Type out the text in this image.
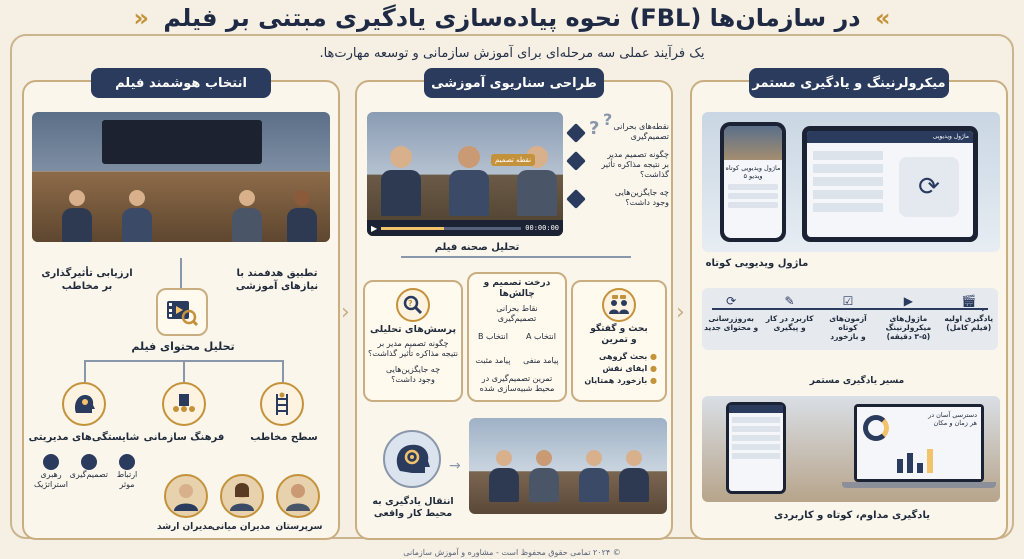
» نحوه پیاده‌سازی یادگیری مبتنی بر فیلم (FBL) در سازمان‌ها «
یک فرآیند عملی سه مرحله‌ای برای آموزش سازمانی و توسعه مهارت‌ها.
انتخاب هوشمند فیلم
تطبیق هدفمند با
نیازهای آموزشی
ارزیابی تأثیرگذاری
بر مخاطب
تحلیل محتوای فیلم
شایستگی‌های مدیریتی فرهنگ سازمانی	سطح مخاطب
رهبری
استراتژیک
تصمیم‌گیری	ارتباط
موثر
مدیران ارشد
مدیران میانی سرپرستان
›	›
طراحی سناریوی آموزشی
نقطه تصمیم
▶	00:00:00
نقطه‌های بحرانی
تصمیم‌گیری
چگونه تصمیم مدیر
بر نتیجه مذاکره تأثیر
گذاشت؟
چه جایگزین‌هایی
وجود داشت؟
? ?
تحلیل صحنه فیلم
?
پرسش‌های تحلیلی
چگونه تصمیم مدیر بر
نتیجه مذاکره تأثیر گذاشت؟
چه جایگزین‌هایی
وجود داشت؟
درخت تصمیم و چالش‌ها
نقاط بحرانی
تصمیم‌گیری
انتخاب B انتخاب A
پیامد مثبت پیامد منفی
تمرین تصمیم‌گیری در
محیط شبیه‌سازی شده
بحث و گفتگو
و تمرین
● بحث گروهی
● ایفای نقش
● بازخورد همتایان
→
انتقال یادگیری به
محیط کار واقعی
میکرولرنینگ و یادگیری مستمر
ماژول ویدیویی کوتاه
ویدیو ۵
ماژول ویدیویی
⟳
ماژول ویدیویی کوتاه
⟳
به‌روزرسانی
و محتوای جدید
✎
کاربرد در کار
و پیگیری
☑
آزمون‌های کوتاه
و بازخورد
▶
ماژول‌های
میکرولرنینگ
(۳-۵ دقیقه)
🎬︎
یادگیری اولیه
(فیلم کامل)
مسیر یادگیری مستمر
دسترسی آسان در
هر زمان و مکان
یادگیری مداوم، کوتاه و کاربردی
© ۲۰۲۴ تمامی حقوق محفوظ است - مشاوره و آموزش سازمانی
